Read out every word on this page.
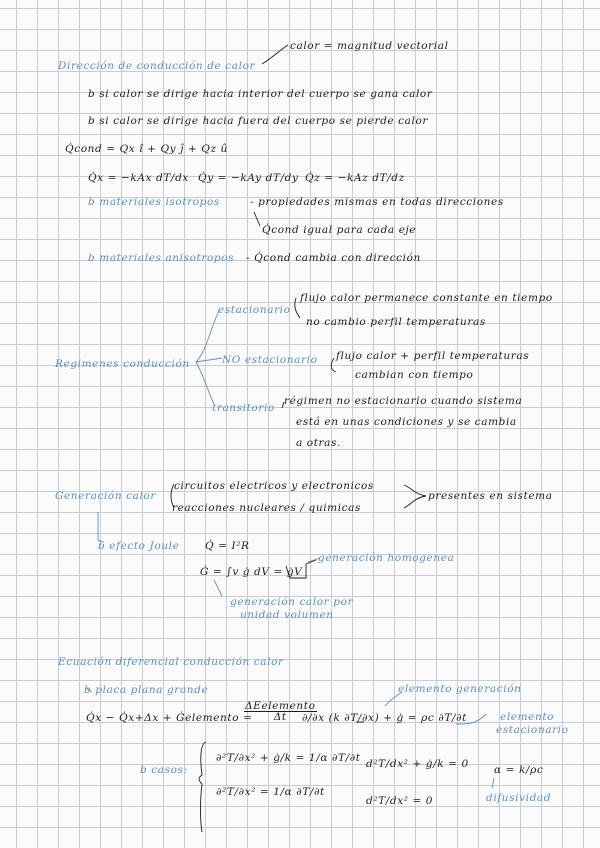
Dirección de conducción de calor
calor = magnitud vectorial
b si calor se dirige hacia interior del cuerpo se gana calor
b si calor se dirige hacia fuera del cuerpo se pierde calor
Q̇cond = Qx î + Qy ĵ + Qz û
Q̇x = −kAx dT/dx Q̇y = −kAy dT/dy Q̇z = −kAz dT/dz
b materiales isotropos	- propiedades mismas en todas direcciones
Q̇cond igual para cada eje
b materiales anisotropos - Q̇cond cambia con dirección
Regimenes conducción
estacionario
flujo calor permanece constante en tiempo
no cambio perfil temperaturas
NO estacionario flujo calor + perfil temperaturas
cambian con tiempo
transitorio
régimen no estacionario cuando sistema
está en unas condiciones y se cambia
a otras.
Generación calor
circuitos electricos y electronicos
reacciones nucleares / quimicas
presentes en sistema
b efecto Joule Q̇ = I²R
Ġ = ∫v ġ dV = ġV
generación homogenea
generación calor por
unidad volumen
Ecuación diferencial conducción calor
b placa plana grande	elemento generación
Q̇x − Q̇x+Δx + Ġelemento =
$\frac{\text{ΔEelemento}}{\Delta t}$
∂/∂x (k ∂T/∂x) + ġ = ρc ∂T/∂t	elemento
estacionario
b casos:
∂²T/∂x² + ġ/k = 1/α ∂T/∂t
∂²T/∂x² = 1/α ∂T/∂t
d²T/dx² + ġ/k = 0
d²T/dx² = 0
α = k/ρc
difusividad
